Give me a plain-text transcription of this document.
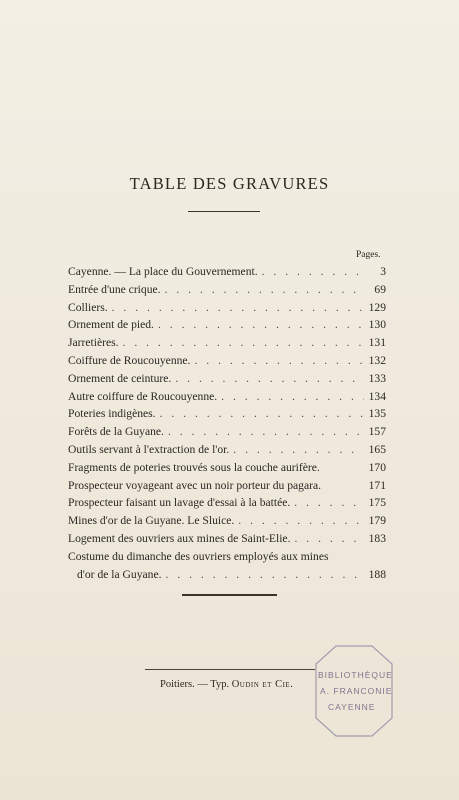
TABLE DES GRAVURES
Pages.
Cayenne. — La place du Gouvernement. . . .	3
Entrée d'une crique. . . .	69
Colliers. . . .	129
Ornement de pied. . . .	130
Jarretières. . . .	131
Coiffure de Roucouyenne. . . .	132
Ornement de ceinture. . . .	133
Autre coiffure de Roucouyenne. . . .	134
Poteries indigènes. . . .	135
Forêts de la Guyane. . . .	157
Outils servant à l'extraction de l'or. . . .	165
Fragments de poteries trouvés sous la couche aurifère.	170
Prospecteur voyageant avec un noir porteur du pagara.	171
Prospecteur faisant un lavage d'essai à la battée. . . .	175
Mines d'or de la Guyane. Le Sluice. . . .	179
Logement des ouvriers aux mines de Saint-Elie. . . .	183
Costume du dimanche des ouvriers employés aux mines
d'or de la Guyane. . . .	188
Poitiers. — Typ. Oudin et Cie.
BIBLIOTHÈQUE
A. FRANCONIE
CAYENNE
